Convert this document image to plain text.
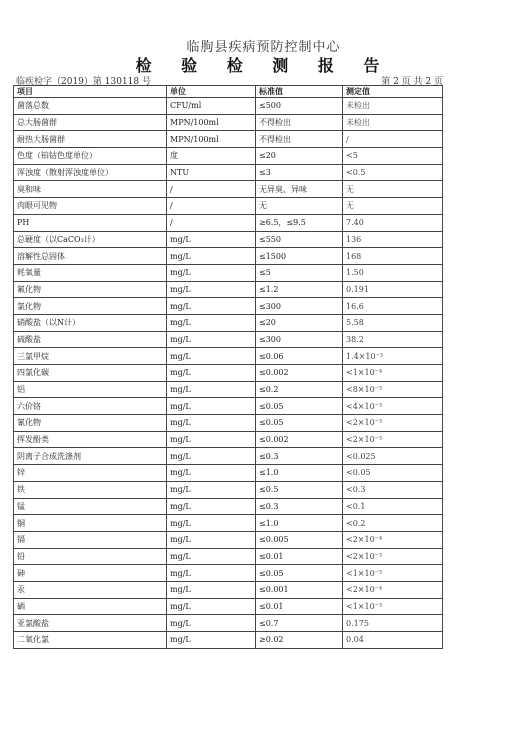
临朐县疾病预防控制中心
检 验 检 测 报 告
临疾检字（2019）第 130118 号	第 2 页 共 2 页
项目	单位	标准值	测定值
菌落总数	CFU/ml	≤500	未检出
总大肠菌群	MPN/100ml	不得检出	未检出
耐热大肠菌群	MPN/100ml	不得检出	/
色度（铂钴色度单位）	度	≤20	<5
浑浊度（散射浑浊度单位）	NTU	≤3	<0.5
臭和味	/	无异臭、异味	无
肉眼可见物	/	无	无
PH	/	≥6.5，≤9.5	7.40
总硬度（以CaCO₃计）	mg/L	≤550	136
溶解性总固体	mg/L	≤1500	168
耗氧量	mg/L	≤5	1.50
氟化物	mg/L	≤1.2	0.191
氯化物	mg/L	≤300	16.6
硝酸盐（以N计）	mg/L	≤20	5.58
硫酸盐	mg/L	≤300	38.2
三氯甲烷	mg/L	≤0.06	1.4×10⁻³
四氯化碳	mg/L	≤0.002	<1×10⁻⁴
铝	mg/L	≤0.2	<8×10⁻³
六价铬	mg/L	≤0.05	<4×10⁻³
氰化物	mg/L	≤0.05	<2×10⁻³
挥发酚类	mg/L	≤0.002	<2×10⁻³
阴离子合成洗涤剂	mg/L	≤0.3	<0.025
锌	mg/L	≤1.0	<0.05
铁	mg/L	≤0.5	<0.3
锰	mg/L	≤0.3	<0.1
铜	mg/L	≤1.0	<0.2
镉	mg/L	≤0.005	<2×10⁻⁴
铅	mg/L	≤0.01	<2×10⁻³
砷	mg/L	≤0.05	<1×10⁻³
汞	mg/L	≤0.001	<2×10⁻⁴
硒	mg/L	≤0.01	<1×10⁻³
亚氯酸盐	mg/L	≤0.7	0.175
二氧化氯	mg/L	≥0.02	0.04
